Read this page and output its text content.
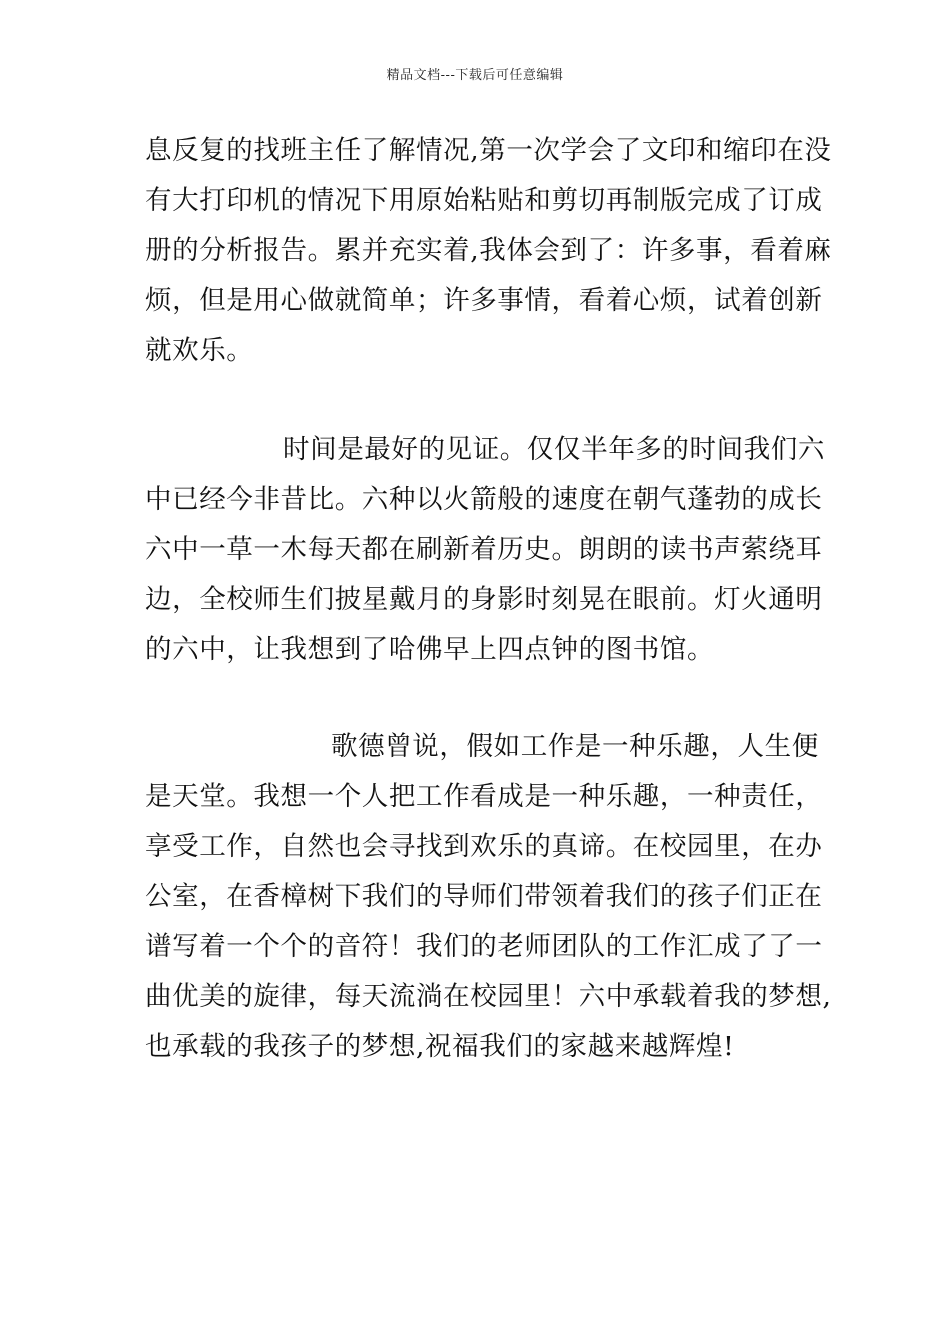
精品文档---下载后可任意编辑
息反复的找班主任了解情况,第一次学会了文印和缩印在没
有大打印机的情况下用原始粘贴和剪切再制版完成了订成
册的分析报告。累并充实着,我体会到了：许多事，看着麻
烦，但是用心做就简单；许多事情，看着心烦，试着创新
就欢乐。
时间是最好的见证。仅仅半年多的时间我们六
中已经今非昔比。六种以火箭般的速度在朝气蓬勃的成长
六中一草一木每天都在刷新着历史。朗朗的读书声萦绕耳
边，全校师生们披星戴月的身影时刻晃在眼前。灯火通明
的六中，让我想到了哈佛早上四点钟的图书馆。
歌德曾说，假如工作是一种乐趣，人生便
是天堂。我想一个人把工作看成是一种乐趣，一种责任，
享受工作，自然也会寻找到欢乐的真谛。在校园里，在办
公室，在香樟树下我们的导师们带领着我们的孩子们正在
谱写着一个个的音符！我们的老师团队的工作汇成了了一
曲优美的旋律，每天流淌在校园里！六中承载着我的梦想,
也承载的我孩子的梦想,祝福我们的家越来越辉煌!
